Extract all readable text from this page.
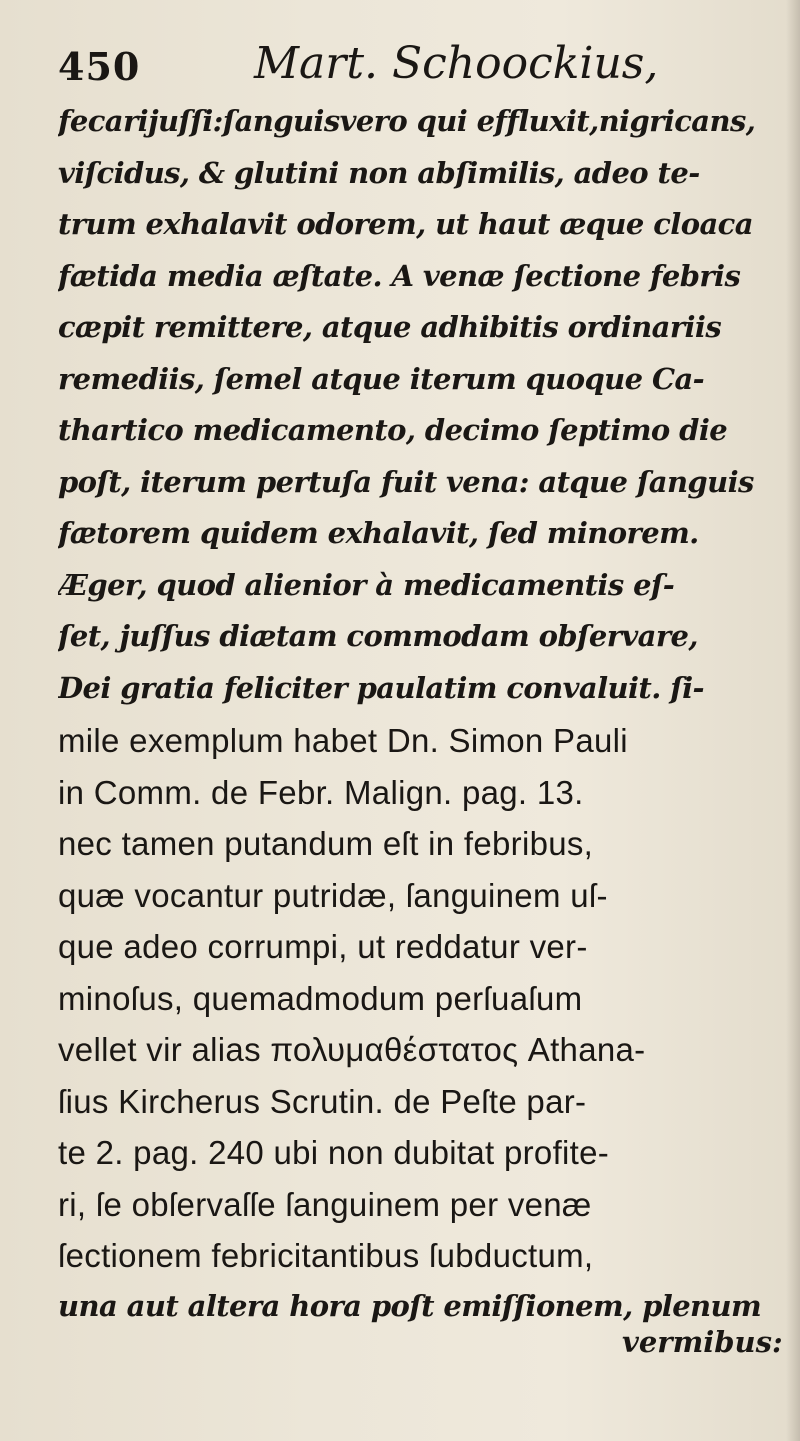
450	Mart. Schoockius,
fecarijuſſi:ſanguisvero qui effluxit,nigricans,
viſcidus, & glutini non abſimilis, adeo te-
trum exhalavit odorem, ut haut æque cloaca
fætida media æſtate. A venæ ſectione febris
cæpit remittere, atque adhibitis ordinariis
remediis, ſemel atque iterum quoque Ca-
thartico medicamento, decimo ſeptimo die
poſt, iterum pertuſa fuit vena: atque ſanguis
fætorem quidem exhalavit, ſed minorem.
Æger, quod alienior à medicamentis eſ-
ſet, juſſus diætam commodam obſervare,
Dei gratia feliciter paulatim convaluit. ſi-
mile exemplum habet Dn. Simon Pauli
in Comm. de Febr. Malign. pag. 13.
nec tamen putandum eſt in febribus,
quæ vocantur putridæ, ſanguinem uſ-
que adeo corrumpi, ut reddatur ver-
minoſus, quemadmodum perſuaſum
vellet vir alias πολυμαθέστατος Athana-
ſius Kircherus Scrutin. de Peſte par-
te 2. pag. 240 ubi non dubitat profite-
ri, ſe obſervaſſe ſanguinem per venæ
ſectionem febricitantibus ſubductum,
una aut altera hora poſt emiſſionem, plenum
vermibus:
